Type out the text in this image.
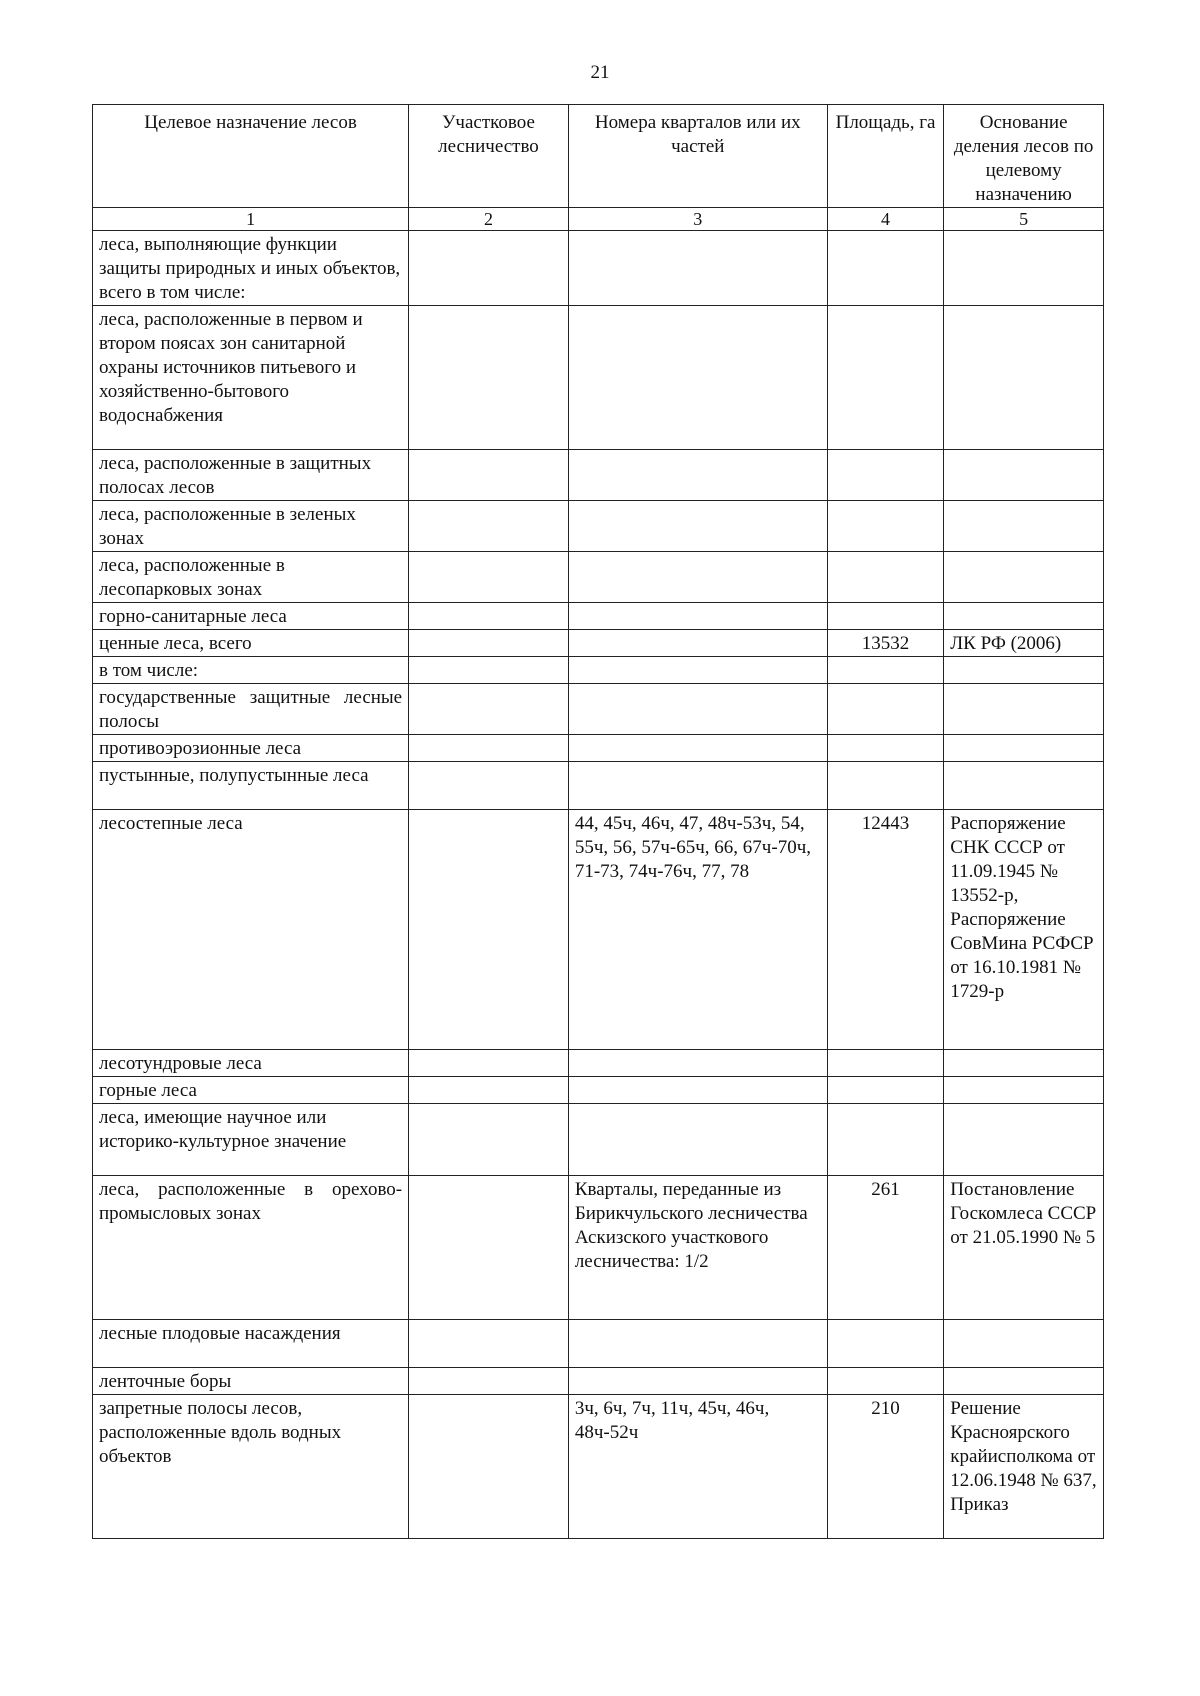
21
Целевое назначение лесов	Участковое лесничество	Номера кварталов или их частей	Площадь, га	Основание деления лесов по целевому назначению
1	2	3	4	5
леса, выполняющие функции защиты природных и иных объектов, всего в том числе:				
леса, расположенные в первом и втором поясах зон санитарной охраны источников питьевого и хозяйственно-бытового водоснабжения				
леса, расположенные в защитных полосах лесов				
леса, расположенные в зеленых зонах				
леса, расположенные в лесопарковых зонах				
горно-санитарные леса				
ценные леса, всего			13532	ЛК РФ (2006)
в том числе:				
государственные защитные лесные полосы				
противоэрозионные леса				
пустынные, полупустынные леса				
лесостепные леса		44, 45ч, 46ч, 47, 48ч-53ч, 54, 55ч, 56, 57ч-65ч, 66, 67ч-70ч, 71-73, 74ч-76ч, 77, 78	12443	Распоряжение СНК СССР от 11.09.1945 № 13552-р, Распоряжение СовМина РСФСР от 16.10.1981 № 1729-р
лесотундровые леса				
горные леса				
леса, имеющие научное или историко-культурное значение				
леса, расположенные в орехово-промысловых зонах		Кварталы, переданные из Бирикчульского лесничества Аскизского участкового лесничества: 1/2	261	Постановление Госкомлеса СССР от 21.05.1990 № 5
лесные плодовые насаждения				
ленточные боры				
запретные полосы лесов, расположенные вдоль водных объектов		3ч, 6ч, 7ч, 11ч, 45ч, 46ч, 48ч-52ч	210	Решение Красноярского крайисполкома от 12.06.1948 № 637, Приказ
